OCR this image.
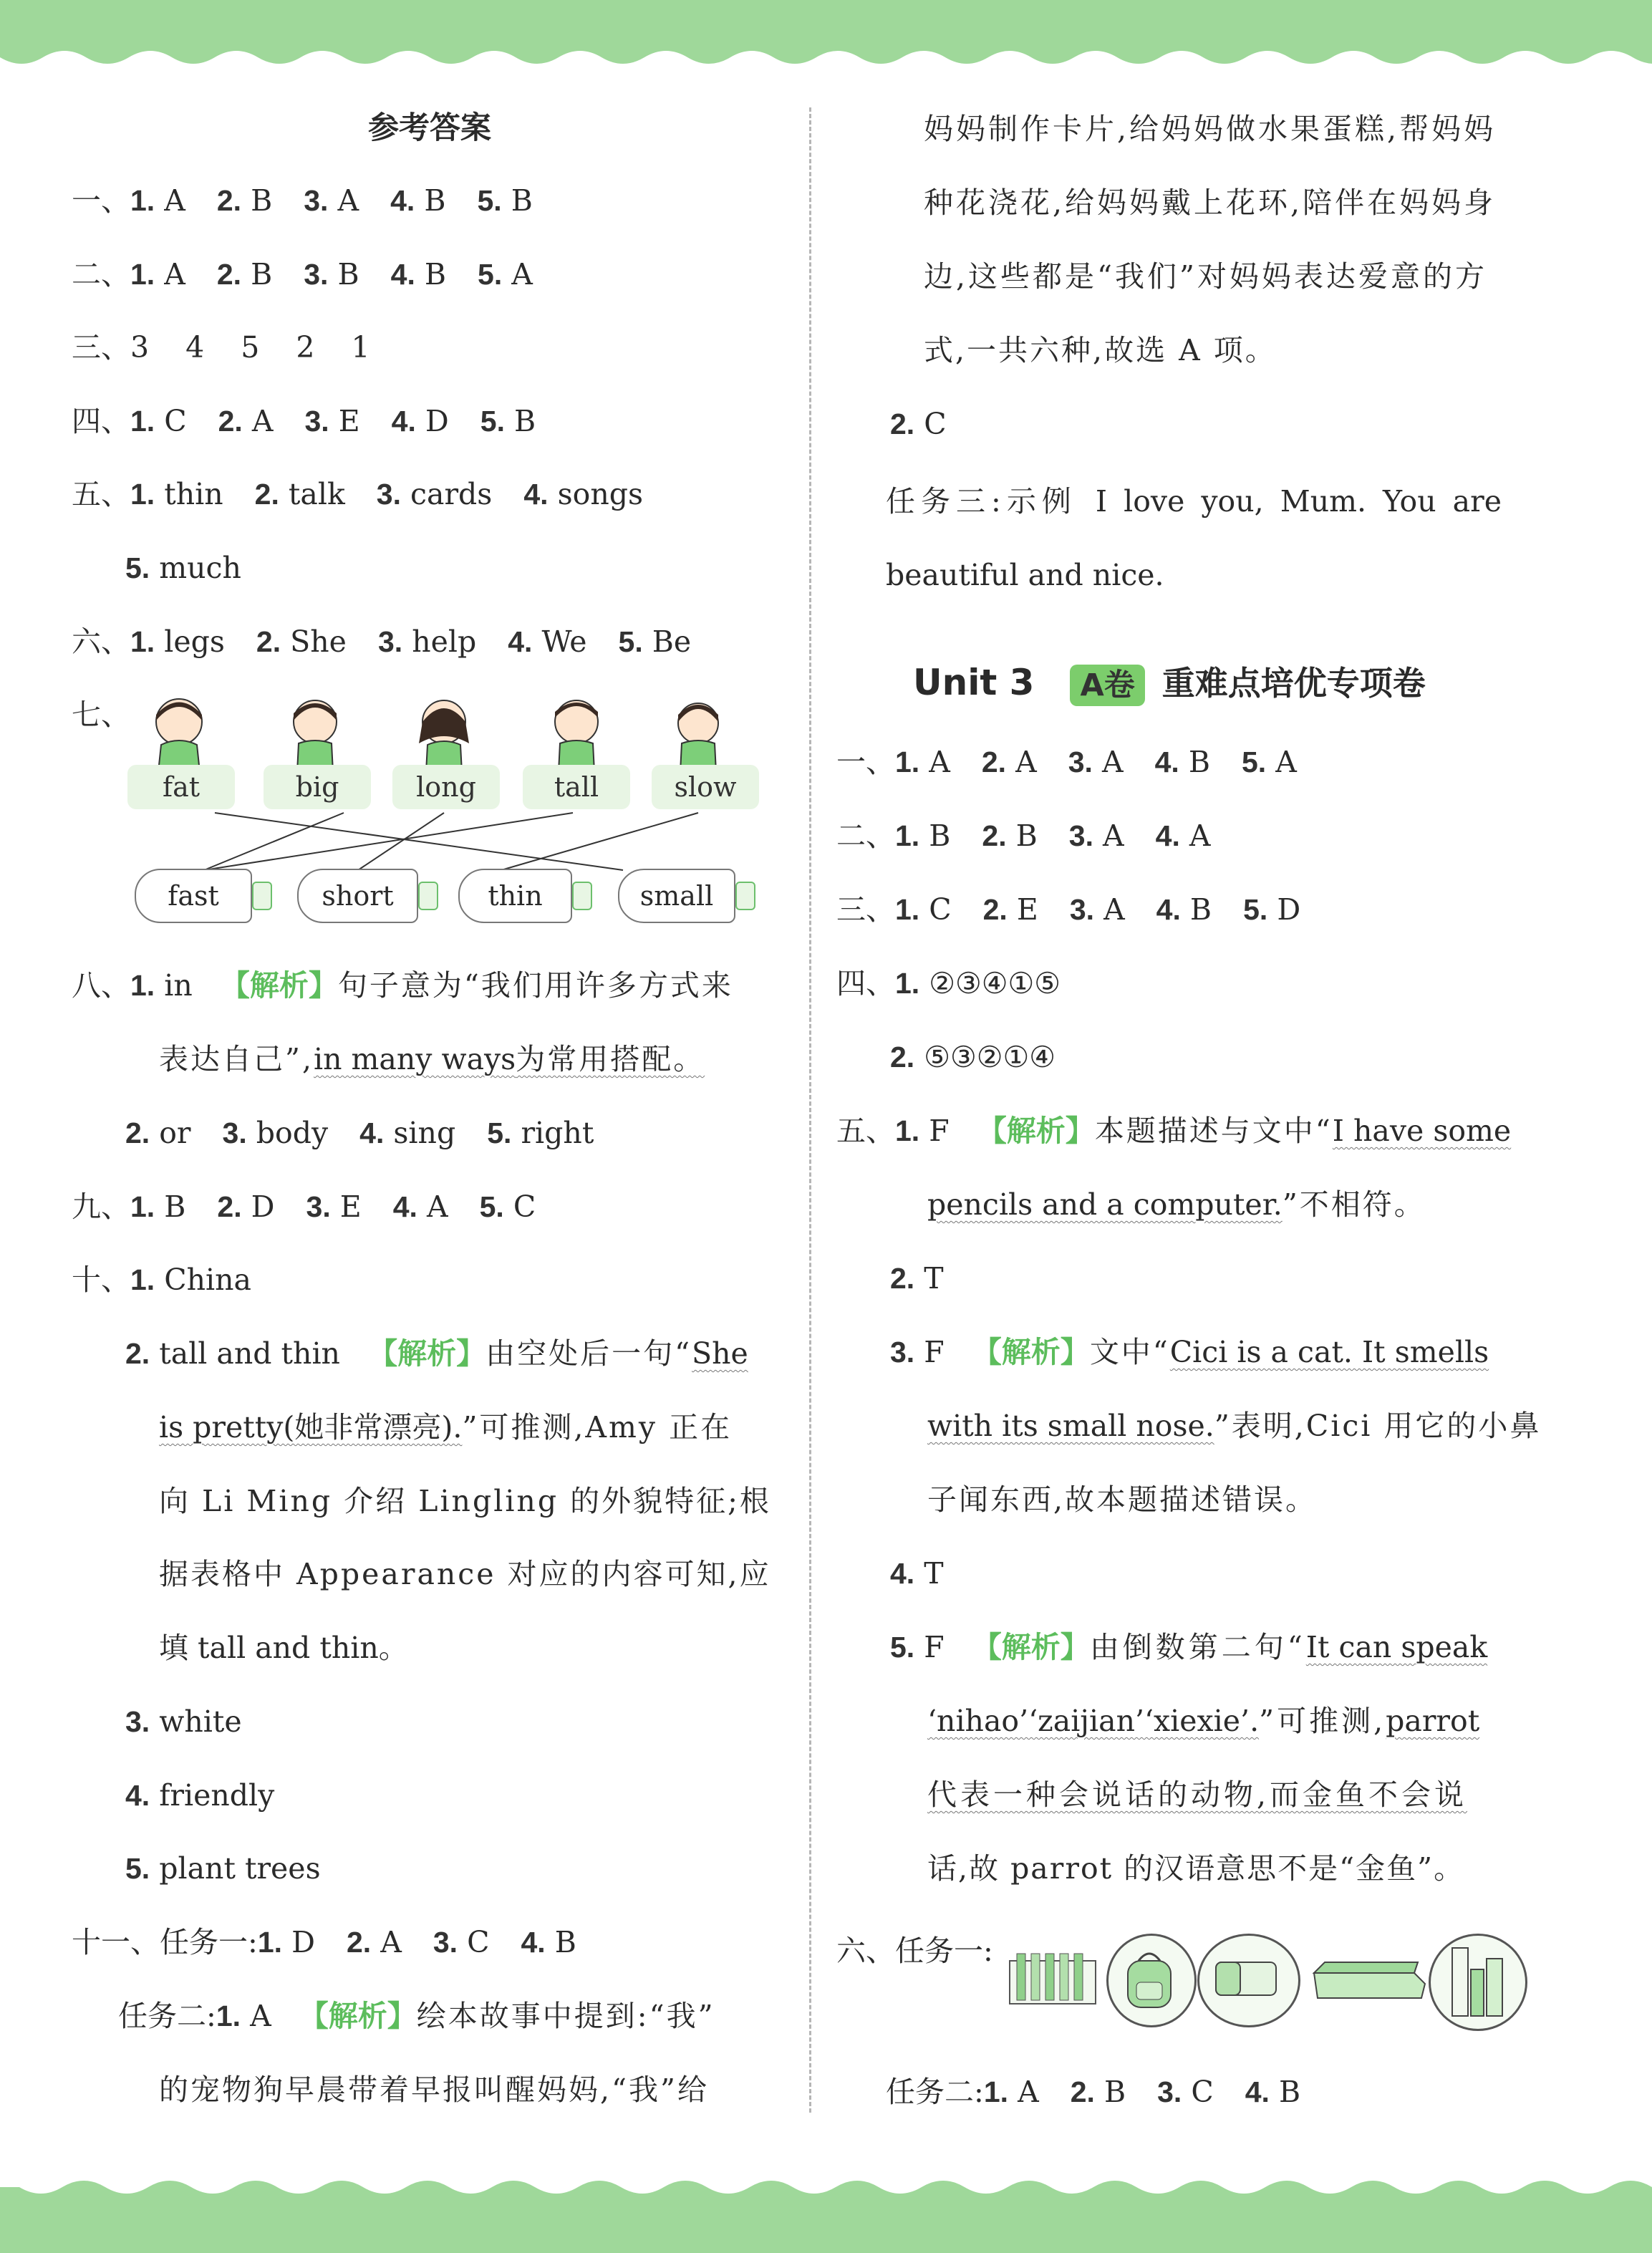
参考答案
一、1. A 2. B 3. A 4. B 5. B
二、1. A 2. B 3. B 4. B 5. A
三、3 4 5 2 1
四、1. C 2. A 3. E 4. D 5. B
五、1. thin 2. talk 3. cards 4. songs
5. much
六、1. legs 2. She 3. help 4. We 5. Be
七、
fat	big	long	tall	slow
fast	short	thin	small
八、1. in 【解析】句子意为“我们用许多方式来
表达自己”,in many ways为常用搭配。
2. or 3. body 4. sing 5. right
九、1. B 2. D 3. E 4. A 5. C
十、1. China
2. tall and thin 【解析】由空处后一句“She
is pretty(她非常漂亮).”可推测,Amy 正在
向 Li Ming 介绍 Lingling 的外貌特征;根
据表格中 Appearance 对应的内容可知,应
填 tall and thin。
3. white
4. friendly
5. plant trees
十一、任务一:1. D 2. A 3. C 4. B
任务二:1. A 【解析】绘本故事中提到:“我”
的宠物狗早晨带着早报叫醒妈妈,“我”给
妈妈制作卡片,给妈妈做水果蛋糕,帮妈妈
种花浇花,给妈妈戴上花环,陪伴在妈妈身
边,这些都是“我们”对妈妈表达爱意的方
式,一共六种,故选 A 项。
2. C
任务三:示例 I love you, Mum. You are
beautiful and nice.
Unit 3 A卷 重难点培优专项卷
一、1. A 2. A 3. A 4. B 5. A
二、1. B 2. B 3. A 4. A
三、1. C 2. E 3. A 4. B 5. D
四、1. ②③④①⑤
2. ⑤③②①④
五、1. F 【解析】本题描述与文中“I have some
pencils and a computer.”不相符。
2. T
3. F 【解析】文中“Cici is a cat. It smells
with its small nose.”表明,Cici 用它的小鼻
子闻东西,故本题描述错误。
4. T
5. F 【解析】由倒数第二句“It can speak
‘nihao’‘zaijian’‘xiexie’.”可推测,parrot
代表一种会说话的动物,而金鱼不会说
话,故 parrot 的汉语意思不是“金鱼”。
六、任务一:
任务二:1. A 2. B 3. C 4. B
